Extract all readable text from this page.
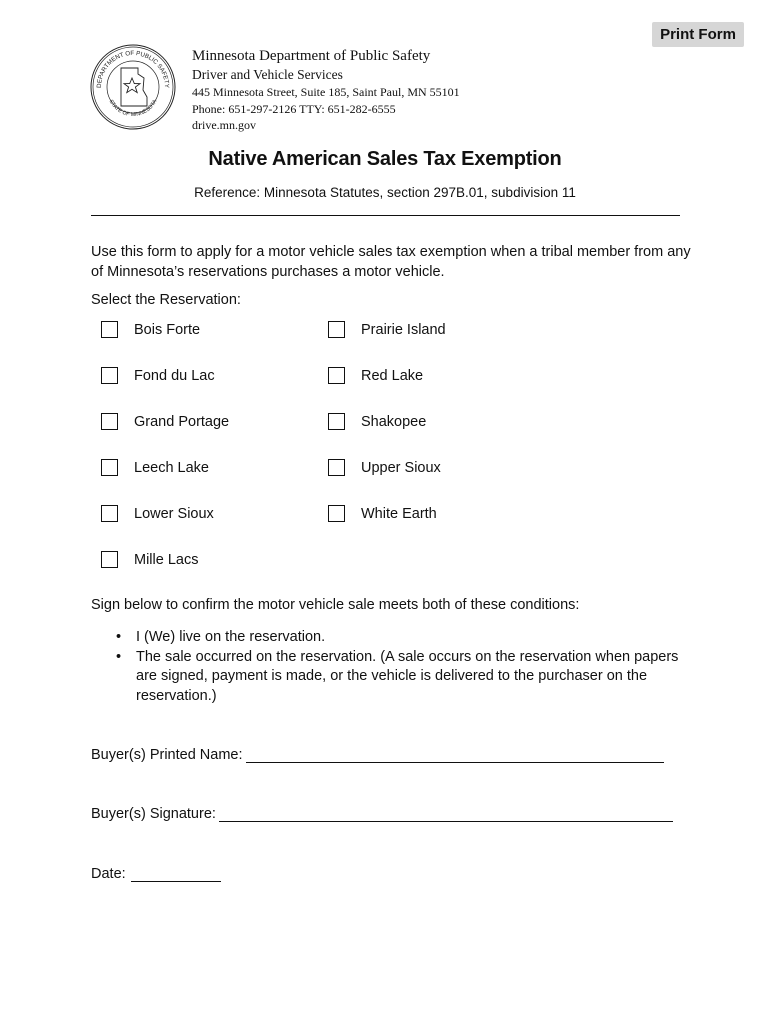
Print Form
DEPARTMENT OF PUBLIC SAFETY
STATE OF MINNESOTA
Minnesota Department of Public Safety
Driver and Vehicle Services
445 Minnesota Street, Suite 185, Saint Paul, MN 55101
Phone: 651-297-2126 TTY: 651-282-6555
drive.mn.gov
Native American Sales Tax Exemption
Reference: Minnesota Statutes, section 297B.01, subdivision 11
Use this form to apply for a motor vehicle sales tax exemption when a tribal member from any of Minnesota’s reservations purchases a motor vehicle.
Select the Reservation:
Bois Forte
Fond du Lac
Grand Portage
Leech Lake
Lower Sioux
Mille Lacs
Prairie Island
Red Lake
Shakopee
Upper Sioux
White Earth
Sign below to confirm the motor vehicle sale meets both of these conditions:
• I (We) live on the reservation.
• The sale occurred on the reservation. (A sale occurs on the reservation when papers are signed, payment is made, or the vehicle is delivered to the purchaser on the reservation.)
Buyer(s) Printed Name:
Buyer(s) Signature:
Date:
